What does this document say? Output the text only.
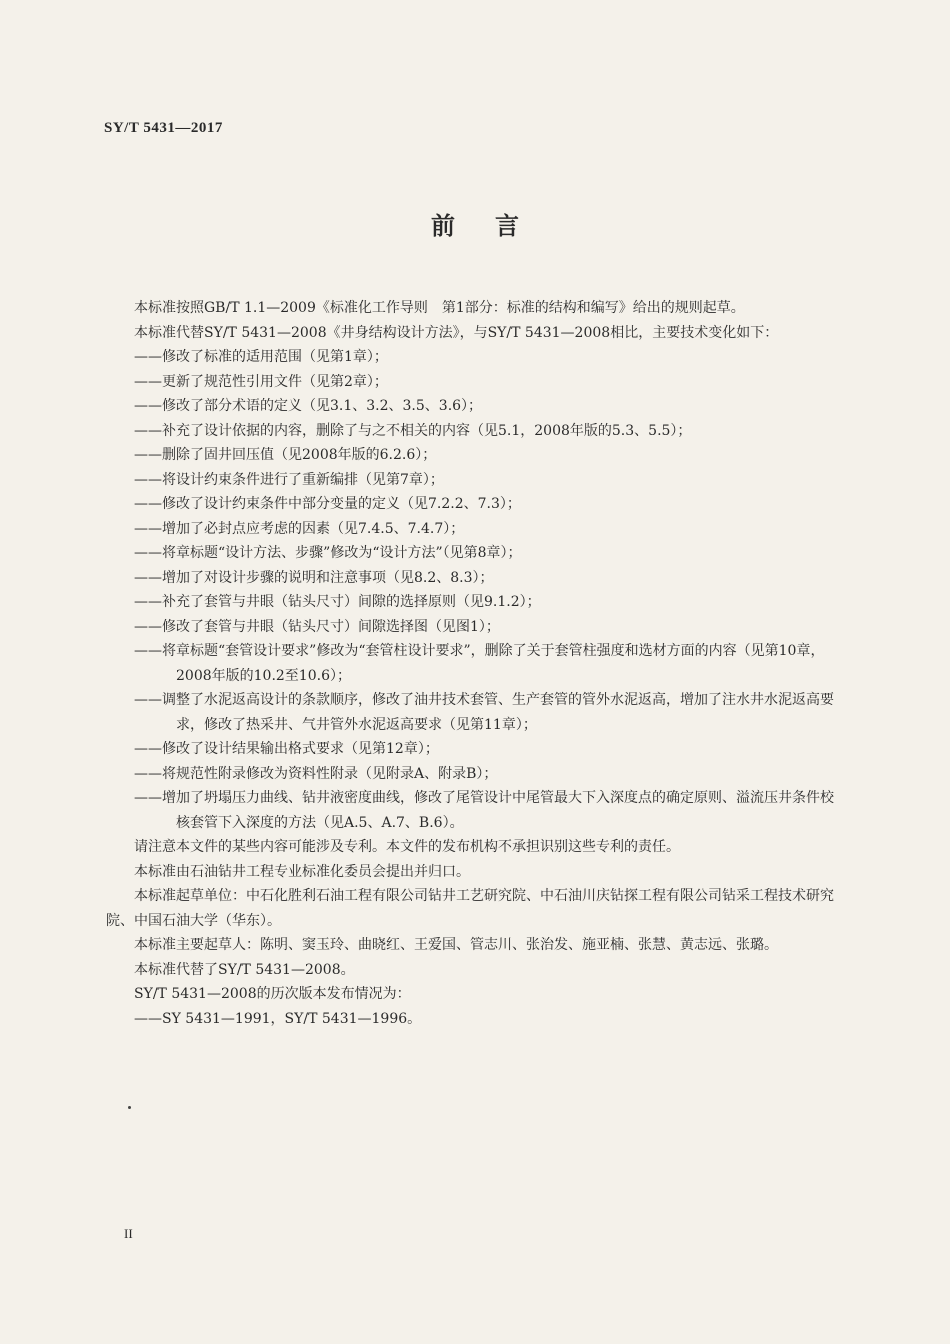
SY/T 5431—2017
前言

本标准按照GB/T 1.1—2009《标准化工作导则　第1部分：标准的结构和编写》给出的规则起草。

本标准代替SY/T 5431—2008《井身结构设计方法》，与SY/T 5431—2008相比，主要技术变化如下：

——修改了标准的适用范围（见第1章）；

——更新了规范性引用文件（见第2章）；

——修改了部分术语的定义（见3.1、3.2、3.5、3.6）；

——补充了设计依据的内容，删除了与之不相关的内容（见5.1，2008年版的5.3、5.5）；

——删除了固井回压值（见2008年版的6.2.6）；

——将设计约束条件进行了重新编排（见第7章）；

——修改了设计约束条件中部分变量的定义（见7.2.2、7.3）；

——增加了必封点应考虑的因素（见7.4.5、7.4.7）；

——将章标题“设计方法、步骤”修改为“设计方法”（见第8章）；

——增加了对设计步骤的说明和注意事项（见8.2、8.3）；

——补充了套管与井眼（钻头尺寸）间隙的选择原则（见9.1.2）；

——修改了套管与井眼（钻头尺寸）间隙选择图（见图1）；

——将章标题“套管设计要求”修改为“套管柱设计要求”，删除了关于套管柱强度和选材方面的内容（见第10章，2008年版的10.2至10.6）；

——调整了水泥返高设计的条款顺序，修改了油井技术套管、生产套管的管外水泥返高，增加了注水井水泥返高要求，修改了热采井、气井管外水泥返高要求（见第11章）；

——修改了设计结果输出格式要求（见第12章）；

——将规范性附录修改为资料性附录（见附录A、附录B）；

——增加了坍塌压力曲线、钻井液密度曲线，修改了尾管设计中尾管最大下入深度点的确定原则、溢流压井条件校核套管下入深度的方法（见A.5、A.7、B.6）。

请注意本文件的某些内容可能涉及专利。本文件的发布机构不承担识别这些专利的责任。

本标准由石油钻井工程专业标准化委员会提出并归口。

本标准起草单位：中石化胜利石油工程有限公司钻井工艺研究院、中石油川庆钻探工程有限公司钻采工程技术研究院、中国石油大学（华东）。

本标准主要起草人：陈明、窦玉玲、曲晓红、王爱国、管志川、张治发、施亚楠、张慧、黄志远、张璐。

本标准代替了SY/T 5431—2008。

SY/T 5431—2008的历次版本发布情况为：

——SY 5431—1991，SY/T 5431—1996。

II
